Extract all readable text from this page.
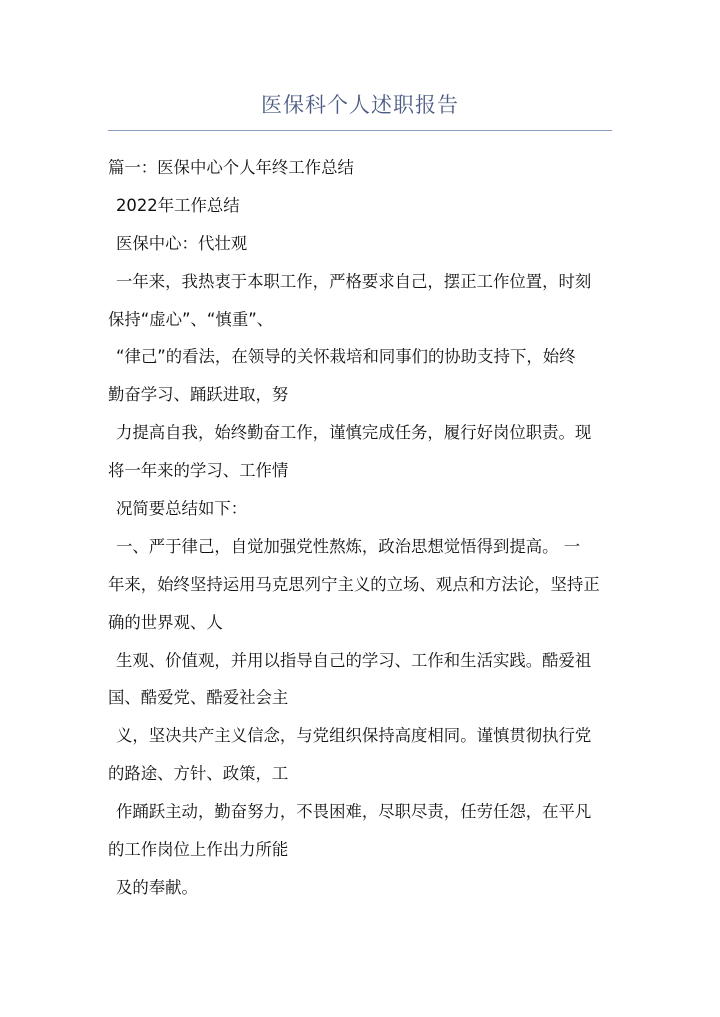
医保科个人述职报告
篇一：医保中心个人年终工作总结
2022年工作总结
医保中心：代壮观
一年来，我热衷于本职工作，严格要求自己，摆正工作位置，时刻
保持“虚心”、“慎重”、
“律己”的看法，在领导的关怀栽培和同事们的协助支持下，始终
勤奋学习、踊跃进取，努
力提高自我，始终勤奋工作，谨慎完成任务，履行好岗位职责。现
将一年来的学习、工作情
况简要总结如下：
一、严于律己，自觉加强党性熬炼，政治思想觉悟得到提高。 一
年来，始终坚持运用马克思列宁主义的立场、观点和方法论，坚持正
确的世界观、人
生观、价值观，并用以指导自己的学习、工作和生活实践。酷爱祖
国、酷爱党、酷爱社会主
义，坚决共产主义信念，与党组织保持高度相同。谨慎贯彻执行党
的路途、方针、政策，工
作踊跃主动，勤奋努力，不畏困难，尽职尽责，任劳任怨，在平凡
的工作岗位上作出力所能
及的奉献。
